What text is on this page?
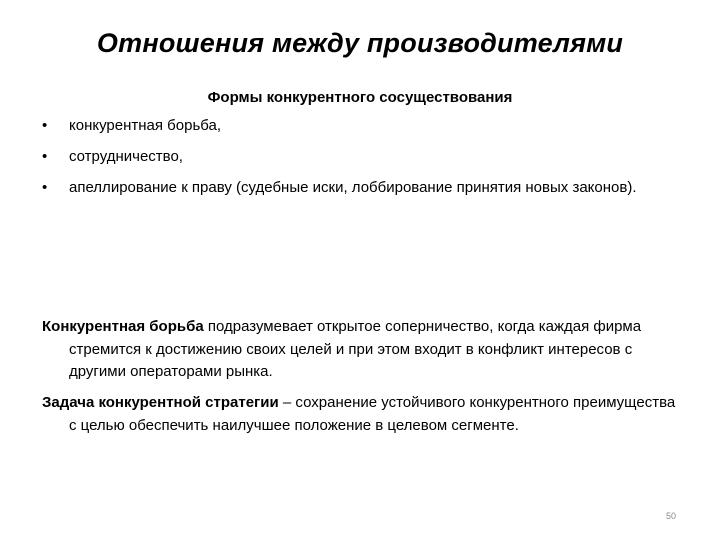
Отношения между производителями
Формы конкурентного сосуществования
• конкурентная борьба,
• сотрудничество,
• апеллирование к праву (судебные иски, лоббирование принятия новых законов).

Конкурентная борьба подразумевает открытое соперничество, когда каждая фирма стремится к достижению своих целей и при этом входит в конфликт интересов с другими операторами рынка.

Задача конкурентной стратегии – сохранение устойчивого конкурентного преимущества с целью обеспечить наилучшее положение в целевом сегменте.

50
